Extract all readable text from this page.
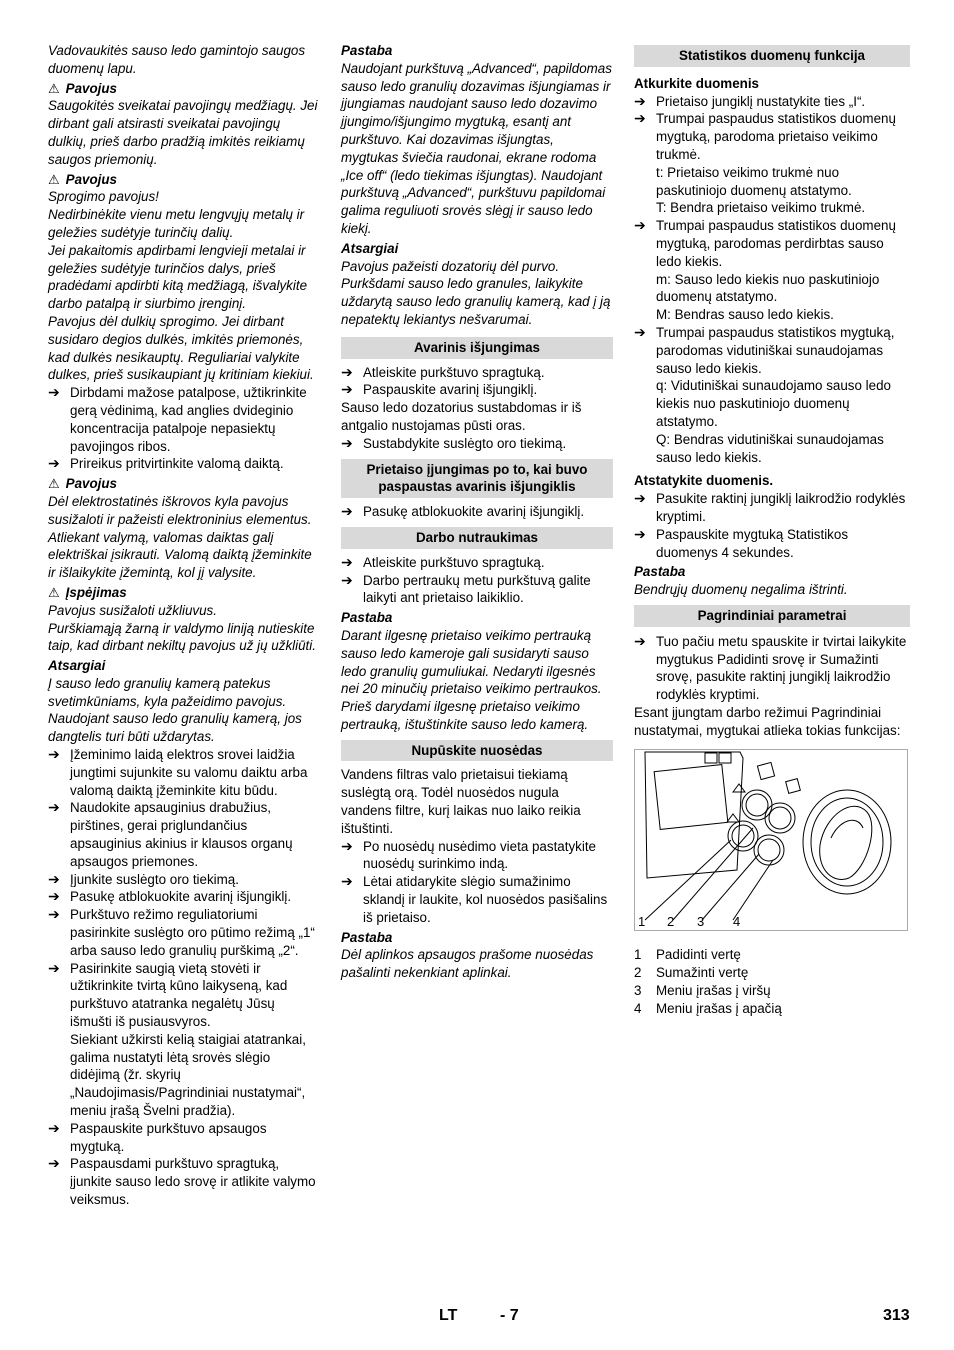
Vadovaukitės sauso ledo gamintojo saugos duomenų lapu.

⚠ Pavojus

Saugokitės sveikatai pavojingų medžiagų. Jei dirbant gali atsirasti sveikatai pavojingų dulkių, prieš darbo pradžią imkitės reikiamų saugos priemonių.

⚠ Pavojus

Sprogimo pavojus!

Nedirbinėkite vienu metu lengvųjų metalų ir geležies sudėtyje turinčių dalių.

Jei pakaitomis apdirbami lengvieji metalai ir geležies sudėtyje turinčios dalys, prieš pradėdami apdirbti kitą medžiagą, išvalykite darbo patalpą ir siurbimo įrenginį.

Pavojus dėl dulkių sprogimo. Jei dirbant susidaro degios dulkės, imkitės priemonės, kad dulkės nesikauptų. Reguliariai valykite dulkes, prieš susikaupiant jų kritiniam kiekiui.

➔ Dirbdami mažose patalpose, užtikrinkite gerą vėdinimą, kad anglies dvideginio koncentracija patalpoje nepasiektų pavojingos ribos.
➔ Prireikus pritvirtinkite valomą daiktą.

⚠ Pavojus

Dėl elektrostatinės iškrovos kyla pavojus susižaloti ir pažeisti elektroninius elementus. Atliekant valymą, valomas daiktas galį elektriškai įsikrauti. Valomą daiktą įžeminkite ir išlaikykite įžemintą, kol jį valysite.

⚠ Įspėjimas

Pavojus susižaloti užkliuvus.

Purškiamąją žarną ir valdymo liniją nutieskite taip, kad dirbant nekiltų pavojus už jų užkliūti.

Atsargiai

Į sauso ledo granulių kamerą patekus svetimkūniams, kyla pažeidimo pavojus. Naudojant sauso ledo granulių kamerą, jos dangtelis turi būti uždarytas.

➔ Įžeminimo laidą elektros srovei laidžia jungtimi sujunkite su valomu daiktu arba valomą daiktą įžeminkite kitu būdu.
➔ Naudokite apsauginius drabužius, pirštines, gerai priglundančius apsauginius akinius ir klausos organų apsaugos priemones.
➔ Įjunkite suslėgto oro tiekimą.
➔ Pasukę atblokuokite avarinį išjungiklį.
➔ Purkštuvo režimo reguliatoriumi pasirinkite suslėgto oro pūtimo režimą „1“ arba sauso ledo granulių purškimą „2“.
➔ Pasirinkite saugią vietą stovėti ir užtikrinkite tvirtą kūno laikyseną, kad purkštuvo atatranka negalėtų Jūsų išmušti iš pusiausvyros.

Siekiant užkirsti kelią staigiai atatrankai, galima nustatyti lėtą srovės slėgio didėjimą (žr. skyrių „Naudojimasis/Pagrindiniai nustatymai“, meniu įrašą Švelni pradžia).

➔ Paspauskite purkštuvo apsaugos mygtuką.
➔ Paspausdami purkštuvo spragtuką, įjunkite sauso ledo srovę ir atlikite valymo veiksmus.

Pastaba

Naudojant purkštuvą „Advanced“, papildomas sauso ledo granulių dozavimas išjungiamas ir įjungiamas naudojant sauso ledo dozavimo įjungimo/išjungimo mygtuką, esantį ant purkštuvo. Kai dozavimas išjungtas, mygtukas šviečia raudonai, ekrane rodoma „Ice off“ (ledo tiekimas išjungtas). Naudojant purkštuvą „Advanced“, purkštuvu papildomai galima reguliuoti srovės slėgį ir sauso ledo kiekį.

Atsargiai

Pavojus pažeisti dozatorių dėl purvo. Purkšdami sauso ledo granules, laikykite uždarytą sauso ledo granulių kamerą, kad į ją nepatektų lekiantys nešvarumai.

Avarinis išjungimas
➔ Atleiskite purkštuvo spragtuką.
➔ Paspauskite avarinį išjungiklį.

Sauso ledo dozatorius sustabdomas ir iš antgalio nustojamas pūsti oras.

➔ Sustabdykite suslėgto oro tiekimą.
Prietaiso įjungimas po to, kai buvo paspaustas avarinis išjungiklis
➔ Pasukę atblokuokite avarinį išjungiklį.
Darbo nutraukimas
➔ Atleiskite purkštuvo spragtuką.
➔ Darbo pertraukų metu purkštuvą galite laikyti ant prietaiso laikiklio.

Pastaba

Darant ilgesnę prietaiso veikimo pertrauką sauso ledo kameroje gali susidaryti sauso ledo granulių gumuliukai. Nedaryti ilgesnės nei 20 minučių prietaiso veikimo pertraukos. Prieš darydami ilgesnę prietaiso veikimo pertrauką, ištuštinkite sauso ledo kamerą.

Nupūskite nuosėdas

Vandens filtras valo prietaisui tiekiamą suslėgtą orą. Todėl nuosėdos nugula vandens filtre, kurį laikas nuo laiko reikia ištuštinti.

➔ Po nuosėdų nusėdimo vieta pastatykite nuosėdų surinkimo indą.
➔ Lėtai atidarykite slėgio sumažinimo sklandį ir laukite, kol nuosėdos pasišalins iš prietaiso.

Pastaba

Dėl aplinkos apsaugos prašome nuosėdas pašalinti nekenkiant aplinkai.

Statistikos duomenų funkcija

Atkurkite duomenis

➔ Prietaiso jungiklį nustatykite ties „I“.
➔ Trumpai paspaudus statistikos duomenų mygtuką, parodoma prietaiso veikimo trukmė.

t: Prietaiso veikimo trukmė nuo paskutiniojo duomenų atstatymo.

T: Bendra prietaiso veikimo trukmė.

➔ Trumpai paspaudus statistikos duomenų mygtuką, parodomas perdirbtas sauso ledo kiekis.

m: Sauso ledo kiekis nuo paskutiniojo duomenų atstatymo.

M: Bendras sauso ledo kiekis.

➔ Trumpai paspaudus statistikos mygtuką, parodomas vidutiniškai sunaudojamas sauso ledo kiekis.

q: Vidutiniškai sunaudojamo sauso ledo kiekis nuo paskutiniojo duomenų atstatymo.

Q: Bendras vidutiniškai sunaudojamas sauso ledo kiekis.

Atstatykite duomenis.

➔ Pasukite raktinį jungiklį laikrodžio rodyklės kryptimi.
➔ Paspauskite mygtuką Statistikos duomenys 4 sekundes.

Pastaba

Bendrųjų duomenų negalima ištrinti.

Pagrindiniai parametrai
➔ Tuo pačiu metu spauskite ir tvirtai laikykite mygtukus Padidinti srovę ir Sumažinti srovę, pasukite raktinį jungiklį laikrodžio rodyklės kryptimi.

Esant įjungtam darbo režimui Pagrindiniai nustatymai, mygtukai atlieka tokias funkcijas:

1 2 3 4
1	Padidinti vertę
2	Sumažinti vertę
3	Meniu įrašas į viršų
4	Meniu įrašas į apačią
LT	- 7	313
